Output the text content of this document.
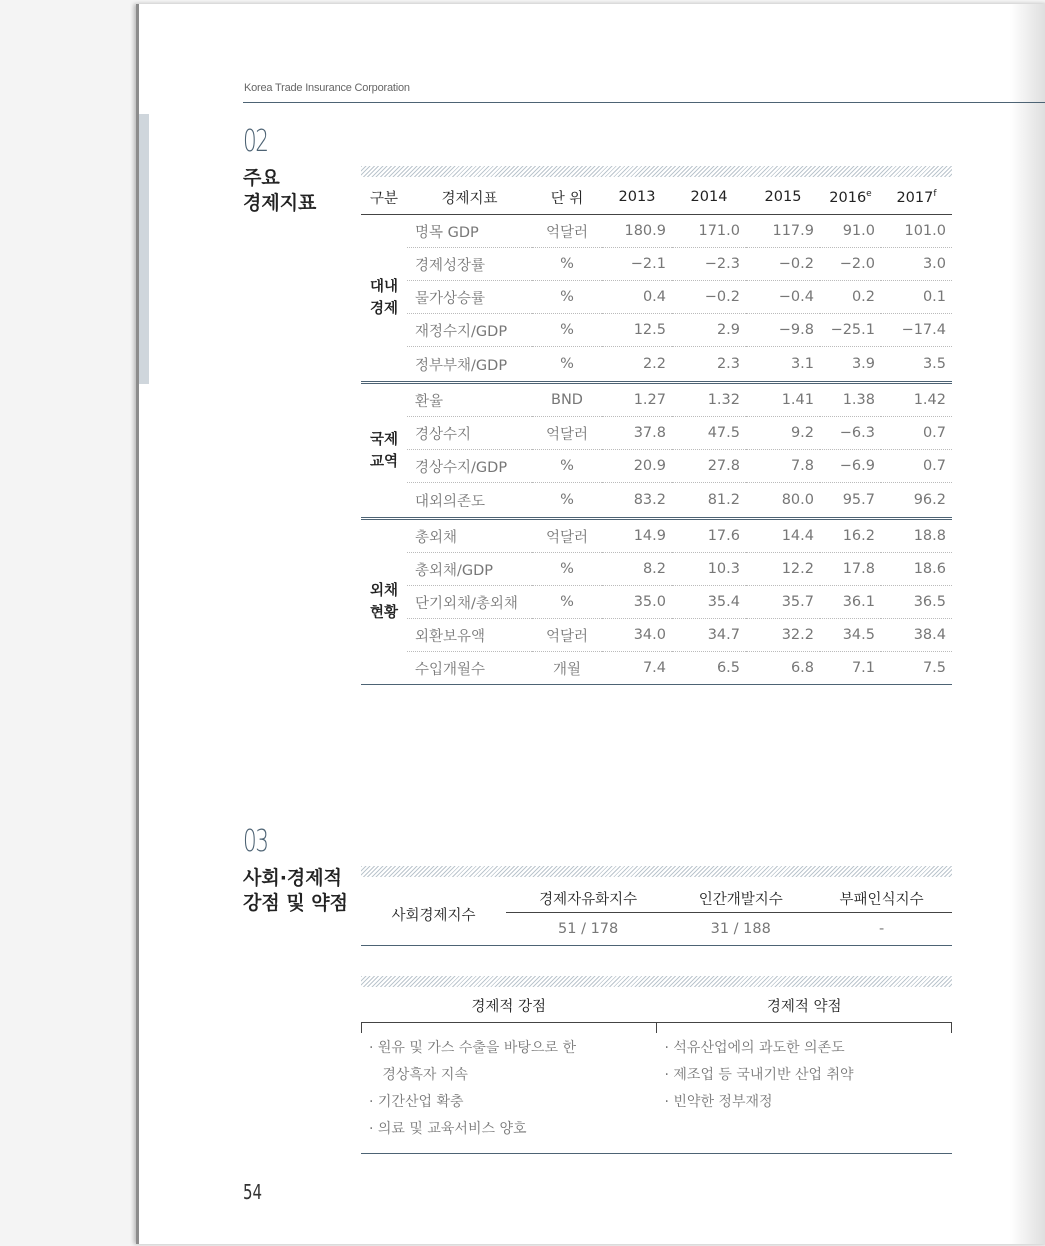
Korea Trade Insurance Corporation
02
주요
경제지표	구분	경제지표	단 위	2013	2014	2015	2016e	2017$^f$

대내
경제	명목 GDP	억달러	180.9	171.0	117.9	91.0	101.0
	경제성장률	%	−2.1	−2.3	−0.2	−2.0	3.0
	물가상승률	%	0.4	−0.2	−0.4	0.2	0.1
	재정수지/GDP	%	12.5	2.9	−9.8	−25.1	−17.4
	정부부채/GDP	%	2.2	2.3	3.1	3.9	3.5

국제
교역	환율	BND	1.27	1.32	1.41	1.38	1.42
	경상수지	억달러	37.8	47.5	9.2	−6.3	0.7
	경상수지/GDP	%	20.9	27.8	7.8	−6.9	0.7
	대외의존도	%	83.2	81.2	80.0	95.7	96.2

외채
현황	총외채	억달러	14.9	17.6	14.4	16.2	18.8
	총외채/GDP	%	8.2	10.3	12.2	17.8	18.6
	단기외채/총외채	%	35.0	35.4	35.7	36.1	36.5
	외환보유액	억달러	34.0	34.7	32.2	34.5	38.4
	수입개월수	개월	7.4	6.5	6.8	7.1	7.5
03
사회·경제적
강점 및 약점
사회경제지수	경제자유화지수	인간개발지수	부패인식지수
	51 / 178	31 / 188	-
경제적 강점	경제적 약점

· 원유 및 가스 수출을 바탕으로 한

경상흑자 지속

· 기간산업 확충

· 의료 및 교육서비스 양호

· 석유산업에의 과도한 의존도

· 제조업 등 국내기반 산업 취약

· 빈약한 정부재정

54
